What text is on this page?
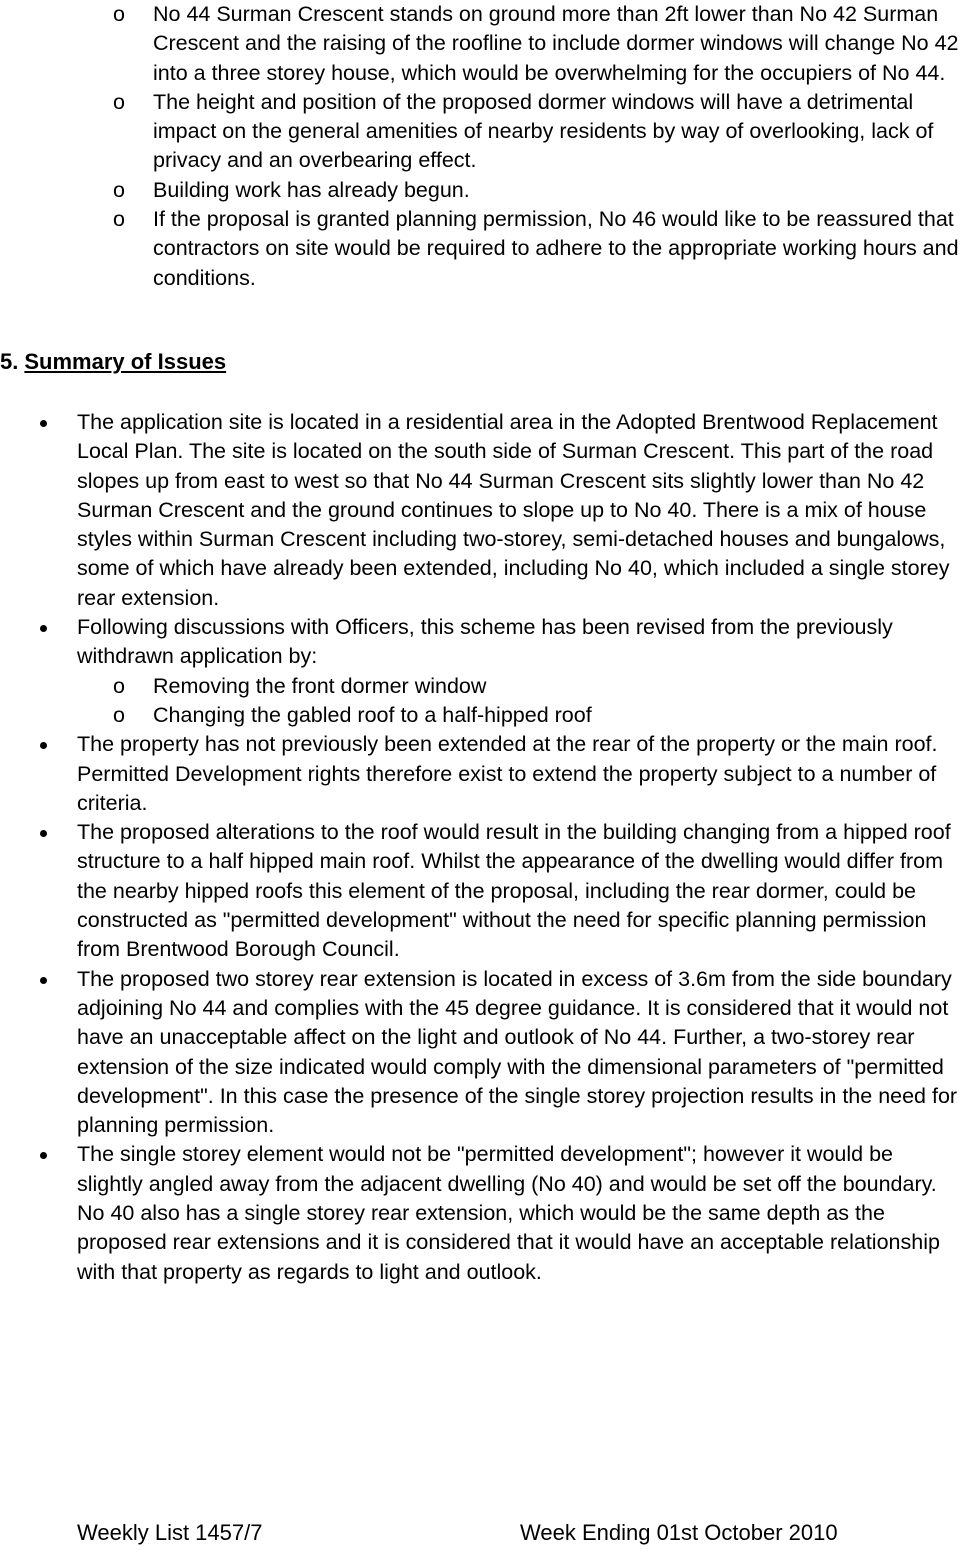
o No 44 Surman Crescent stands on ground more than 2ft lower than No 42 Surman Crescent and the raising of the roofline to include dormer windows will change No 42 into a three storey house, which would be overwhelming for the occupiers of No 44.
o The height and position of the proposed dormer windows will have a detrimental impact on the general amenities of nearby residents by way of overlooking, lack of privacy and an overbearing effect.
o Building work has already begun.
o If the proposal is granted planning permission, No 46 would like to be reassured that contractors on site would be required to adhere to the appropriate working hours and conditions.
5. Summary of Issues
The application site is located in a residential area in the Adopted Brentwood Replacement Local Plan. The site is located on the south side of Surman Crescent. This part of the road slopes up from east to west so that No 44 Surman Crescent sits slightly lower than No 42 Surman Crescent and the ground continues to slope up to No 40. There is a mix of house styles within Surman Crescent including two-storey, semi-detached houses and bungalows, some of which have already been extended, including No 40, which included a single storey rear extension.
Following discussions with Officers, this scheme has been revised from the previously withdrawn application by:
o Removing the front dormer window
o Changing the gabled roof to a half-hipped roof
The property has not previously been extended at the rear of the property or the main roof. Permitted Development rights therefore exist to extend the property subject to a number of criteria.
The proposed alterations to the roof would result in the building changing from a hipped roof structure to a half hipped main roof. Whilst the appearance of the dwelling would differ from the nearby hipped roofs this element of the proposal, including the rear dormer, could be constructed as "permitted development" without the need for specific planning permission from Brentwood Borough Council.
The proposed two storey rear extension is located in excess of 3.6m from the side boundary adjoining No 44 and complies with the 45 degree guidance. It is considered that it would not have an unacceptable affect on the light and outlook of No 44. Further, a two-storey rear extension of the size indicated would comply with the dimensional parameters of "permitted development". In this case the presence of the single storey projection results in the need for planning permission.
The single storey element would not be "permitted development"; however it would be slightly angled away from the adjacent dwelling (No 40) and would be set off the boundary. No 40 also has a single storey rear extension, which would be the same depth as the proposed rear extensions and it is considered that it would have an acceptable relationship with that property as regards to light and outlook.
Weekly List 1457/7	Week Ending 01st October 2010
